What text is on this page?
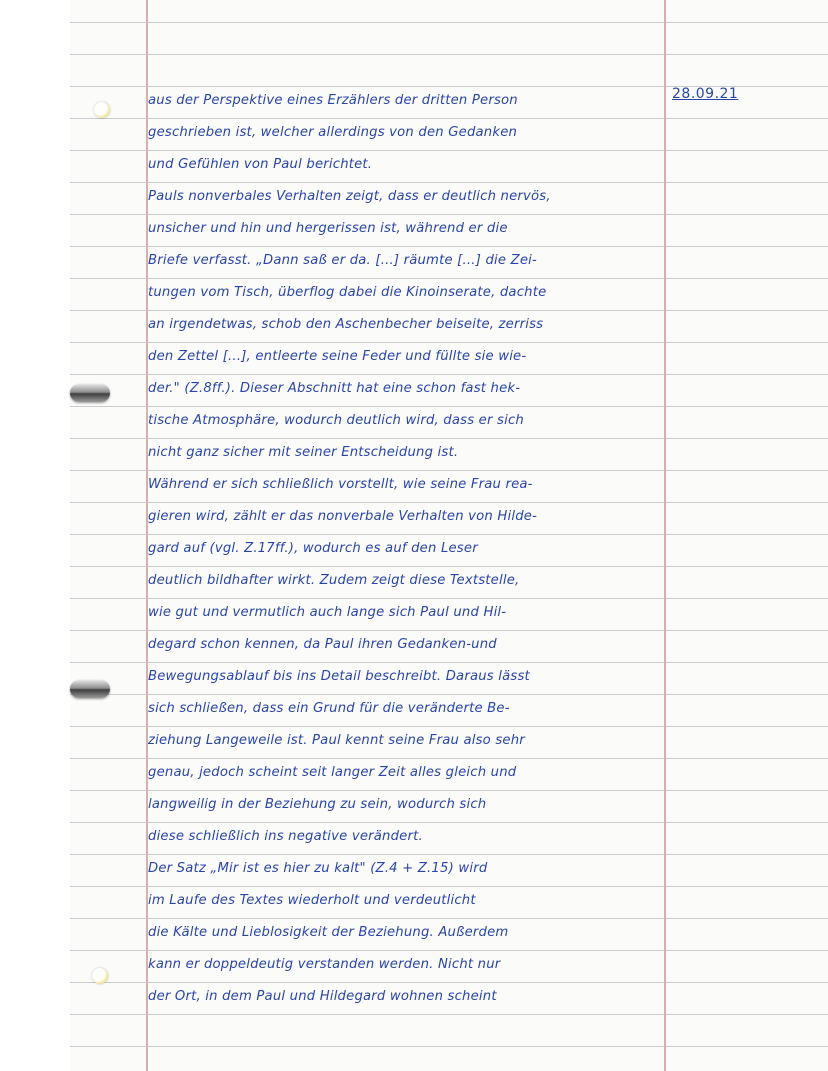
28.09.21
aus der Perspektive eines Erzählers der dritten Person
geschrieben ist, welcher allerdings von den Gedanken
und Gefühlen von Paul berichtet.
Pauls nonverbales Verhalten zeigt, dass er deutlich nervös,
unsicher und hin und hergerissen ist, während er die
Briefe verfasst. „Dann saß er da. [...] räumte [...] die Zei-
tungen vom Tisch, überflog dabei die Kinoinserate, dachte
an irgendetwas, schob den Aschenbecher beiseite, zerriss
den Zettel [...], entleerte seine Feder und füllte sie wie-
der." (Z.8ff.). Dieser Abschnitt hat eine schon fast hek-
tische Atmosphäre, wodurch deutlich wird, dass er sich
nicht ganz sicher mit seiner Entscheidung ist.
Während er sich schließlich vorstellt, wie seine Frau rea-
gieren wird, zählt er das nonverbale Verhalten von Hilde-
gard auf (vgl. Z.17ff.), wodurch es auf den Leser
deutlich bildhafter wirkt. Zudem zeigt diese Textstelle,
wie gut und vermutlich auch lange sich Paul und Hil-
degard schon kennen, da Paul ihren Gedanken-und
Bewegungsablauf bis ins Detail beschreibt. Daraus lässt
sich schließen, dass ein Grund für die veränderte Be-
ziehung Langeweile ist. Paul kennt seine Frau also sehr
genau, jedoch scheint seit langer Zeit alles gleich und
langweilig in der Beziehung zu sein, wodurch sich
diese schließlich ins negative verändert.
Der Satz „Mir ist es hier zu kalt" (Z.4 + Z.15) wird
im Laufe des Textes wiederholt und verdeutlicht
die Kälte und Lieblosigkeit der Beziehung. Außerdem
kann er doppeldeutig verstanden werden. Nicht nur
der Ort, in dem Paul und Hildegard wohnen scheint
